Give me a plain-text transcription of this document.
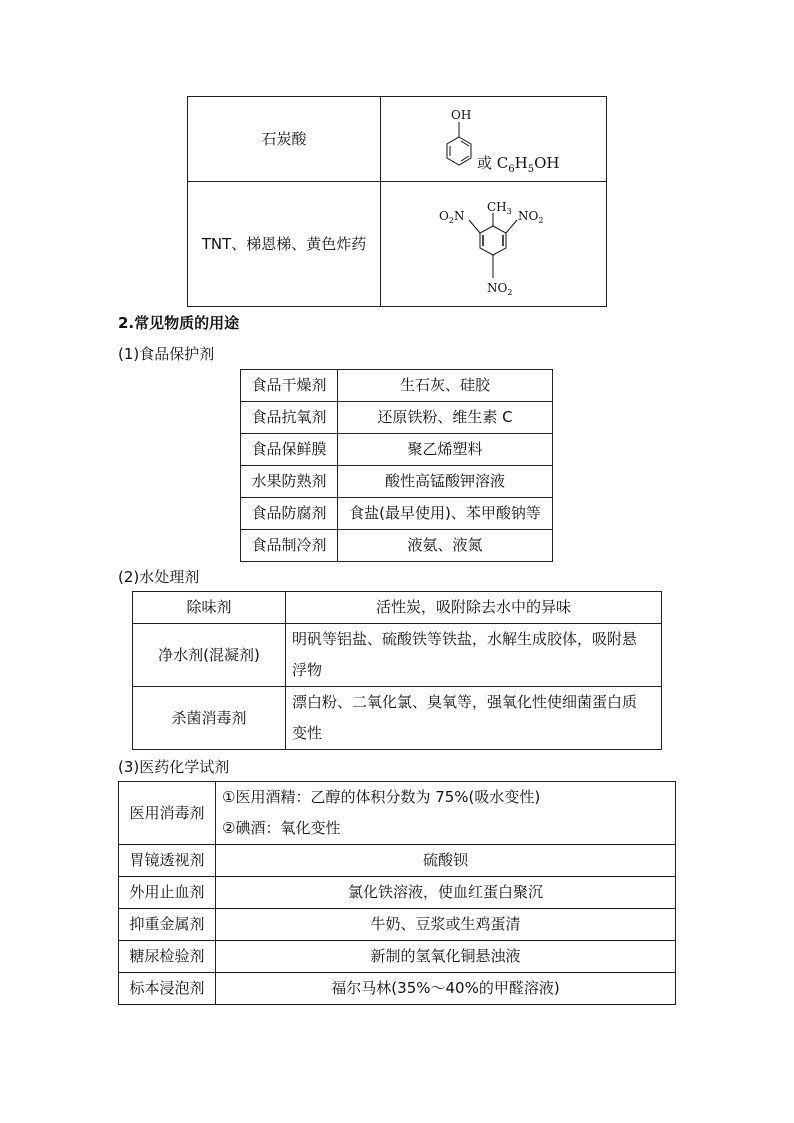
石炭酸	OH
或 $C_6H_5OH$

TNT、梯恩梯、黄色炸药	$CH_3$
$O_2N$ $NO_2$
$NO_2$
2.常见物质的用途
(1)食品保护剂
食品干燥剂	生石灰、硅胶
食品抗氧剂	还原铁粉、维生素 C
食品保鲜膜	聚乙烯塑料
水果防熟剂	酸性高锰酸钾溶液
食品防腐剂	食盐(最早使用)、苯甲酸钠等
食品制冷剂	液氨、液氮
(2)水处理剂
除味剂	活性炭，吸附除去水中的异味
净水剂(混凝剂)	明矾等铝盐、硫酸铁等铁盐，水解生成胶体，吸附悬
浮物

杀菌消毒剂	漂白粉、二氧化氯、臭氧等，强氧化性使细菌蛋白质
变性
(3)医药化学试剂
医用消毒剂	①医用酒精：乙醇的体积分数为 75%(吸水变性)
②碘酒：氧化变性

胃镜透视剂	硫酸钡
外用止血剂	氯化铁溶液，使血红蛋白聚沉
抑重金属剂	牛奶、豆浆或生鸡蛋清
糖尿检验剂	新制的氢氧化铜悬浊液
标本浸泡剂	福尔马林(35%～40%的甲醛溶液)
